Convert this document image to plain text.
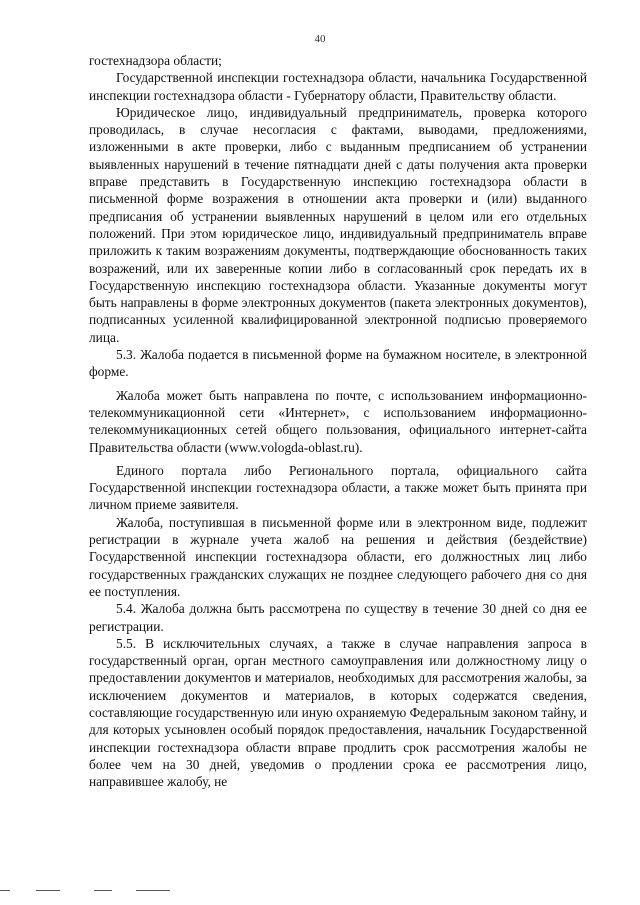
40

гостехнадзора области;

Государственной инспекции гостехнадзора области, начальника Государственной инспекции гостехнадзора области - Губернатору области, Правительству области.

Юридическое лицо, индивидуальный предприниматель, проверка которого проводилась, в случае несогласия с фактами, выводами, предложениями, изложенными в акте проверки, либо с выданным предписанием об устранении выявленных нарушений в течение пятнадцати дней с даты получения акта проверки вправе представить в Государственную инспекцию гостехнадзора области в письменной форме возражения в отношении акта проверки и (или) выданного предписания об устранении выявленных нарушений в целом или его отдельных положений. При этом юридическое лицо, индивидуальный предприниматель вправе приложить к таким возражениям документы, подтверждающие обоснованность таких возражений, или их заверенные копии либо в согласованный срок передать их в Государственную инспекцию гостехнадзора области. Указанные документы могут быть направлены в форме электронных документов (пакета электронных документов), подписанных усиленной квалифицированной электронной подписью проверяемого лица.

5.3. Жалоба подается в письменной форме на бумажном носителе, в электронной форме.

Жалоба может быть направлена по почте, с использованием информационно-телекоммуникационной сети «Интернет», с использованием информационно-телекоммуникационных сетей общего пользования, официального интернет-сайта Правительства области (www.vologda-oblast.ru).

Единого портала либо Регионального портала, официального сайта Государственной инспекции гостехнадзора области, а также может быть принята при личном приеме заявителя.

Жалоба, поступившая в письменной форме или в электронном виде, подлежит регистрации в журнале учета жалоб на решения и действия (бездействие) Государственной инспекции гостехнадзора области, его должностных лиц либо государственных гражданских служащих не позднее следующего рабочего дня со дня ее поступления.

5.4. Жалоба должна быть рассмотрена по существу в течение 30 дней со дня ее регистрации.

5.5. В исключительных случаях, а также в случае направления запроса в государственный орган, орган местного самоуправления или должностному лицу о предоставлении документов и материалов, необходимых для рассмотрения жалобы, за исключением документов и материалов, в которых содержатся сведения, составляющие государственную или иную охраняемую Федеральным законом тайну, и для которых усыновлен особый порядок предоставления, начальник Государственной инспекции гостехнадзора области вправе продлить срок рассмотрения жалобы не более чем на 30 дней, уведомив о продлении срока ее рассмотрения лицо, направившее жалобу, не
